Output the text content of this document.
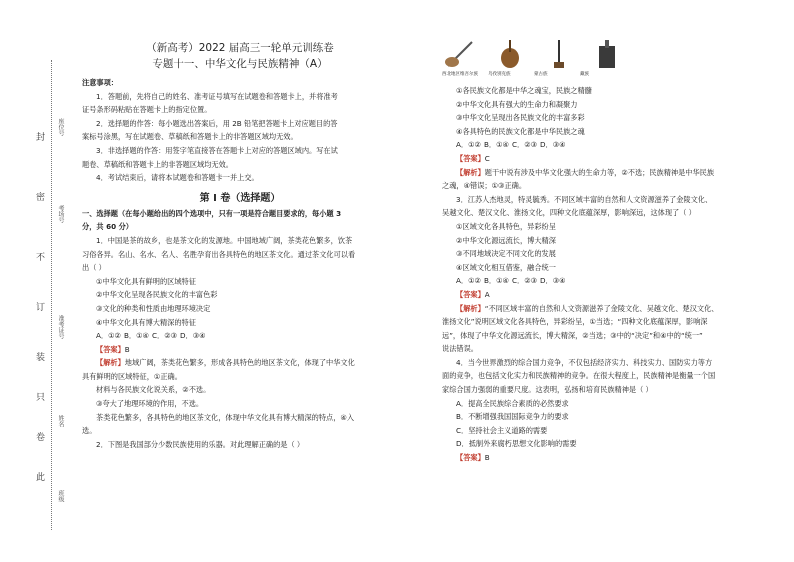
封
密
不
订
装
只
卷
此
座位号
考场号
准考证号
姓名
班级

（新高考）2022 届高三一轮单元训练卷

专题十一、中华文化与民族精神（A）

注意事项：

1．答题前，先将自己的姓名、准考证号填写在试题卷和答题卡上，并将准考

证号条形码粘贴在答题卡上的指定位置。

2．选择题的作答：每小题选出答案后，用 2B 铅笔把答题卡上对应题目的答

案标号涂黑，写在试题卷、草稿纸和答题卡上的非答题区域均无效。

3．非选择题的作答：用签字笔直接答在答题卡上对应的答题区域内。写在试

题卷、草稿纸和答题卡上的非答题区域均无效。

4．考试结束后，请将本试题卷和答题卡一并上交。

第 Ⅰ 卷（选择题）

一、选择题（在每小题给出的四个选项中，只有一项是符合题目要求的，每小题 3

分，共 60 分）

1．中国是茶的故乡，也是茶文化的发源地。中国地域广阔，茶类花色繁多，饮茶

习俗各异。名山、名水、名人、名胜孕育出各具特色的地区茶文化。通过茶文化可以看

出（ ）

①中华文化具有鲜明的区域特征

②中华文化呈现各民族文化的丰富色彩

③文化的种类和性质由地理环境决定

④中华文化具有博大精深的特征

A．①② B．①④ C．②③ D．③④

【答案】B

【解析】地域广阔，茶类花色繁多，形成各具特色的地区茶文化，体现了中华文化

具有鲜明的区域特征，①正确。

材料与各民族文化说关系，②不选。

③夸大了地理环境的作用，不选。

茶类花色繁多，各具特色的地区茶文化，体现中华文化具有博大精深的特点，④入

选。

2．下图是我国部分少数民族使用的乐器。对此理解正确的是（ ）

西北地区维吾尔族 乌孜别克族	蒙古族	藏族

①各民族文化都是中华之魂宝，民族之精髓

②中华文化具有强大的生命力和凝聚力

③中华文化呈现出各民族文化的丰富多彩

④各具特色的民族文化都是中华民族之魂

A．①② B．①④ C．②③ D．③④

【答案】C

【解析】题干中说有涉及中华文化强大的生命力等，②不选；民族精神是中华民族

之魂，④错误；①③正确。

3．江苏人杰地灵，特灵毓秀。不同区域丰富的自然和人文资源滋养了金陵文化、

吴越文化、楚汉文化、淮扬文化，四种文化底蕴深厚，影响深远，这体现了（ ）

①区域文化各具特色，异彩纷呈

②中华文化源远流长，博大精深

③不同地域决定不同文化的发展

④区域文化相互借鉴，融合统一

A．①② B．①④ C．②③ D．③④

【答案】A

【解析】“不同区域丰富的自然和人文资源滋养了金陵文化、吴越文化、楚汉文化、

淮扬文化”说明区域文化各具特色，异彩纷呈，①当选；“四种文化底蕴深厚，影响深

远”，体现了中华文化源远流长，博大精深，②当选；③中的“决定”和④中的“统一”

说法错误。

4．当今世界激烈的综合国力竞争，不仅包括经济实力、科技实力、国防实力等方

面的竞争，也包括文化实力和民族精神的竞争。在很大程度上，民族精神是衡量一个国

家综合国力强弱的重要尺度。这表明，弘扬和培育民族精神是（ ）

A．提高全民族综合素质的必然要求

B．不断增强我国国际竞争力的要求

C．坚持社会主义道路的需要

D．抵制外来腐朽思想文化影响的需要

【答案】B
